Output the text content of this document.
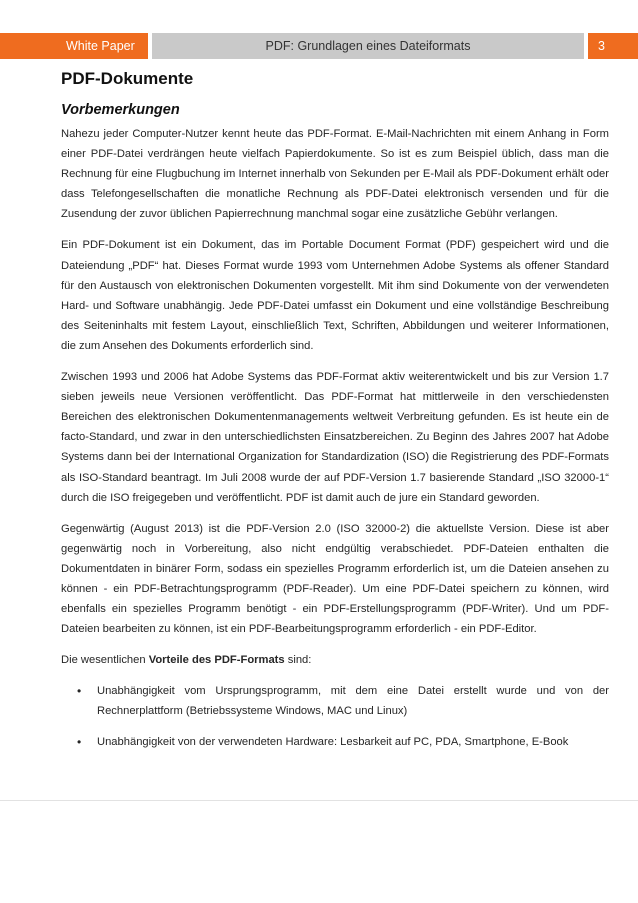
White Paper	PDF: Grundlagen eines Dateiformats	3
PDF-Dokumente
Vorbemerkungen

Nahezu jeder Computer-Nutzer kennt heute das PDF-Format. E-Mail-Nachrichten mit einem Anhang in Form einer PDF-Datei verdrängen heute vielfach Papierdokumente. So ist es zum Beispiel üblich, dass man die Rechnung für eine Flugbuchung im Internet innerhalb von Sekunden per E-Mail als PDF-Dokument erhält oder dass Telefongesellschaften die monatliche Rechnung als PDF-Datei elektronisch versenden und für die Zusendung der zuvor üblichen Papierrechnung manchmal sogar eine zusätzliche Gebühr verlangen.

Ein PDF-Dokument ist ein Dokument, das im Portable Document Format (PDF) gespeichert wird und die Dateiendung „PDF“ hat. Dieses Format wurde 1993 vom Unternehmen Adobe Systems als offener Standard für den Austausch von elektronischen Dokumenten vorgestellt. Mit ihm sind Dokumente von der verwendeten Hard- und Software unabhängig. Jede PDF-Datei umfasst ein Dokument und eine vollständige Beschreibung des Seiteninhalts mit festem Layout, einschließlich Text, Schriften, Abbildungen und weiterer Informationen, die zum Ansehen des Dokuments erforderlich sind.

Zwischen 1993 und 2006 hat Adobe Systems das PDF-Format aktiv weiterentwickelt und bis zur Version 1.7 sieben jeweils neue Versionen veröffentlicht. Das PDF-Format hat mittlerweile in den verschiedensten Bereichen des elektronischen Dokumentenmanagements weltweit Verbreitung gefunden. Es ist heute ein de facto-Standard, und zwar in den unterschiedlichsten Einsatzbereichen. Zu Beginn des Jahres 2007 hat Adobe Systems dann bei der International Organization for Standardization (ISO) die Registrierung des PDF-Formats als ISO-Standard beantragt. Im Juli 2008 wurde der auf PDF-Version 1.7 basierende Standard „ISO 32000-1“ durch die ISO freigegeben und veröffentlicht. PDF ist damit auch de jure ein Standard geworden.

Gegenwärtig (August 2013) ist die PDF-Version 2.0 (ISO 32000-2) die aktuellste Version. Diese ist aber gegenwärtig noch in Vorbereitung, also nicht endgültig verabschiedet. PDF-Dateien enthalten die Dokumentdaten in binärer Form, sodass ein spezielles Programm erforderlich ist, um die Dateien ansehen zu können - ein PDF-Betrachtungsprogramm (PDF-Reader). Um eine PDF-Datei speichern zu können, wird ebenfalls ein spezielles Programm benötigt - ein PDF-Erstellungsprogramm (PDF-Writer). Und um PDF-Dateien bearbeiten zu können, ist ein PDF-Bearbeitungsprogramm erforderlich - ein PDF-Editor.

Die wesentlichen Vorteile des PDF-Formats sind:

• Unabhängigkeit vom Ursprungsprogramm, mit dem eine Datei erstellt wurde und von der Rechnerplattform (Betriebssysteme Windows, MAC und Linux)
• Unabhängigkeit von der verwendeten Hardware: Lesbarkeit auf PC, PDA, Smartphone, E-Book
